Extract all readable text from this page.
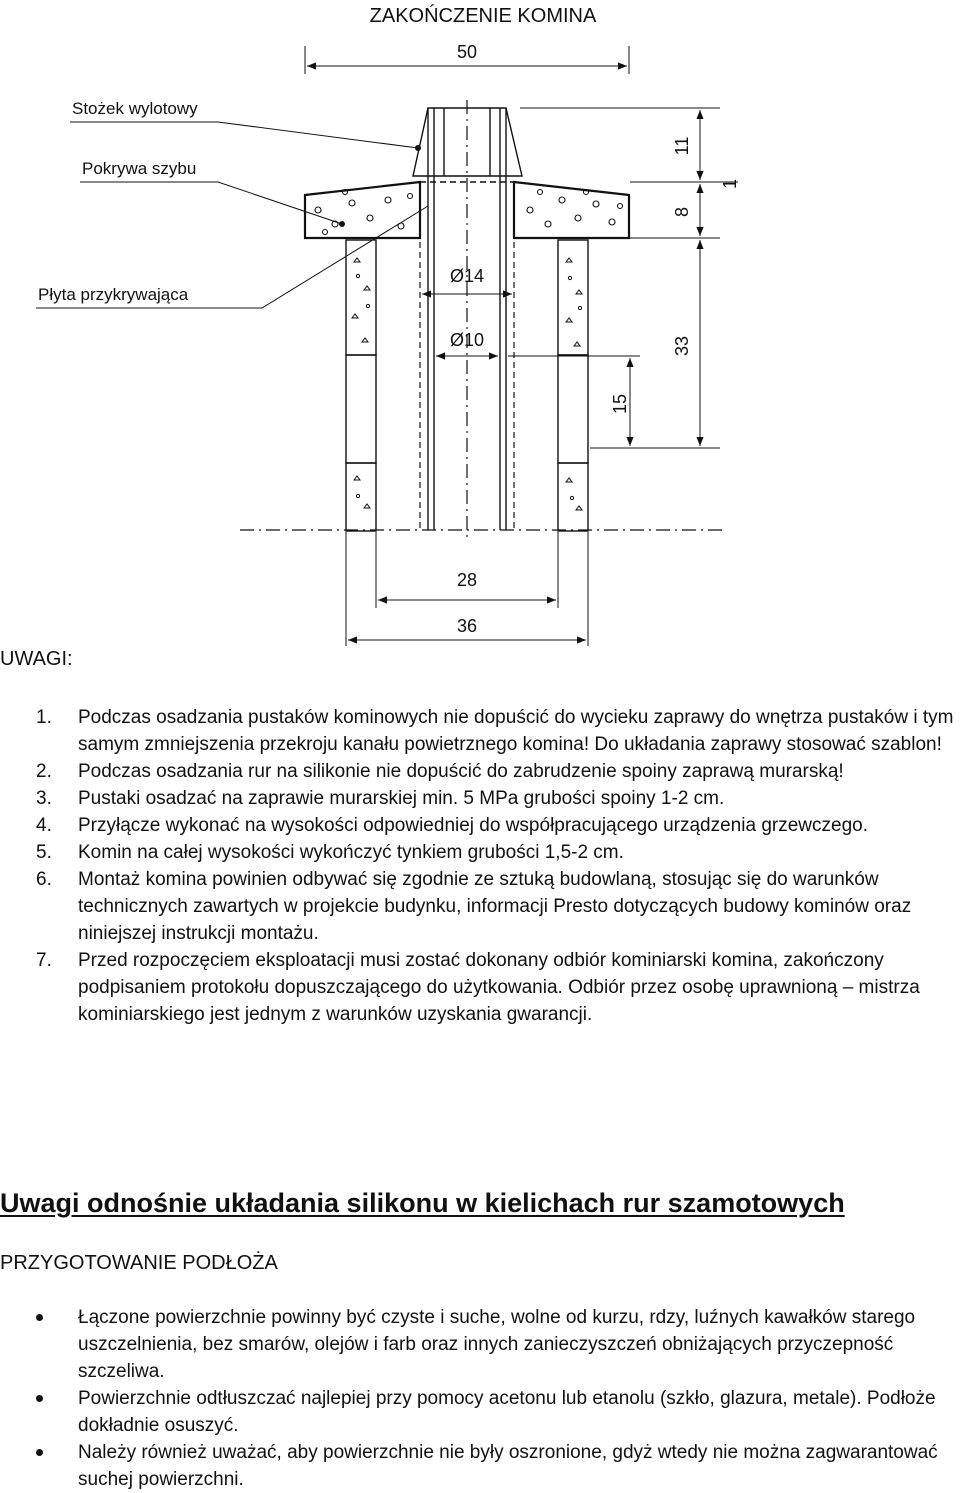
ZAKOŃCZENIE KOMINA
50
Stożek wylotowy
Pokrywa szybu
Płyta przykrywająca
Ø14
Ø10
11
1
8
33
15
28
36
UWAGI:
1. Podczas osadzania pustaków kominowych nie dopuścić do wycieku zaprawy do wnętrza pustaków i tym samym zmniejszenia przekroju kanału powietrznego komina! Do układania zaprawy stosować szablon!
2. Podczas osadzania rur na silikonie nie dopuścić do zabrudzenie spoiny zaprawą murarską!
3. Pustaki osadzać na zaprawie murarskiej min. 5 MPa grubości spoiny 1-2 cm.
4. Przyłącze wykonać na wysokości odpowiedniej do współpracującego urządzenia grzewczego.
5. Komin na całej wysokości wykończyć tynkiem grubości 1,5-2 cm.
6. Montaż komina powinien odbywać się zgodnie ze sztuką budowlaną, stosując się do warunków technicznych zawartych w projekcie budynku, informacji Presto dotyczących budowy kominów oraz niniejszej instrukcji montażu.
7. Przed rozpoczęciem eksploatacji musi zostać dokonany odbiór kominiarski komina, zakończony podpisaniem protokołu dopuszczającego do użytkowania. Odbiór przez osobę uprawnioną – mistrza kominiarskiego jest jednym z warunków uzyskania gwarancji.
Uwagi odnośnie układania silikonu w kielichach rur szamotowych
PRZYGOTOWANIE PODŁOŻA
Łączone powierzchnie powinny być czyste i suche, wolne od kurzu, rdzy, luźnych kawałków starego uszczelnienia, bez smarów, olejów i farb oraz innych zanieczyszczeń obniżających przyczepność szczeliwa.
Powierzchnie odtłuszczać najlepiej przy pomocy acetonu lub etanolu (szkło, glazura, metale). Podłoże dokładnie osuszyć.
Należy również uważać, aby powierzchnie nie były oszronione, gdyż wtedy nie można zagwarantować suchej powierzchni.
